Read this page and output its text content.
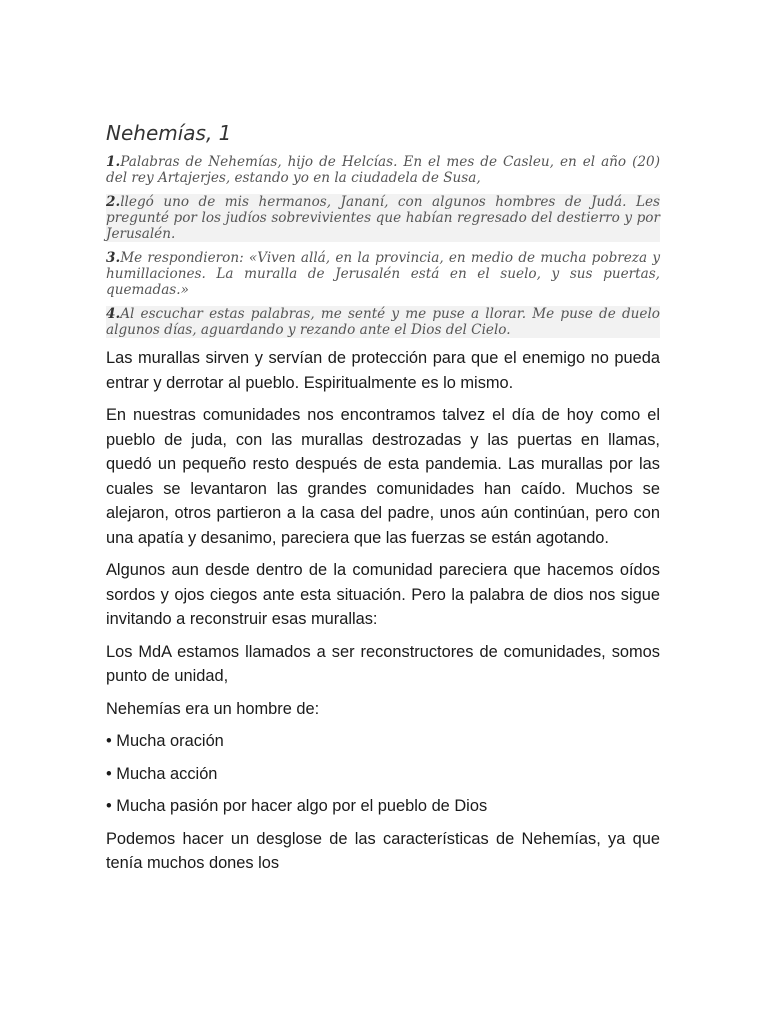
Nehemías, 1
1.Palabras de Nehemías, hijo de Helcías. En el mes de Casleu, en el año (20) del rey Artajerjes, estando yo en la ciudadela de Susa,
2.llegó uno de mis hermanos, Jananí, con algunos hombres de Judá. Les pregunté por los judíos sobrevivientes que habían regresado del destierro y por Jerusalén.
3.Me respondieron: «Viven allá, en la provincia, en medio de mucha pobreza y humillaciones. La muralla de Jerusalén está en el suelo, y sus puertas, quemadas.»
4.Al escuchar estas palabras, me senté y me puse a llorar. Me puse de duelo algunos días, aguardando y rezando ante el Dios del Cielo.

Las murallas sirven y servían de protección para que el enemigo no pueda entrar y derrotar al pueblo. Espiritualmente es lo mismo.

En nuestras comunidades nos encontramos talvez el día de hoy como el pueblo de juda, con las murallas destrozadas y las puertas en llamas, quedó un pequeño resto después de esta pandemia. Las murallas por las cuales se levantaron las grandes comunidades han caído. Muchos se alejaron, otros partieron a la casa del padre, unos aún continúan, pero con una apatía y desanimo, pareciera que las fuerzas se están agotando.

Algunos aun desde dentro de la comunidad pareciera que hacemos oídos sordos y ojos ciegos ante esta situación. Pero la palabra de dios nos sigue invitando a reconstruir esas murallas:

Los MdA estamos llamados a ser reconstructores de comunidades, somos punto de unidad,

Nehemías era un hombre de:

• Mucha oración

• Mucha acción

• Mucha pasión por hacer algo por el pueblo de Dios

Podemos hacer un desglose de las características de Nehemías, ya que tenía muchos dones los
